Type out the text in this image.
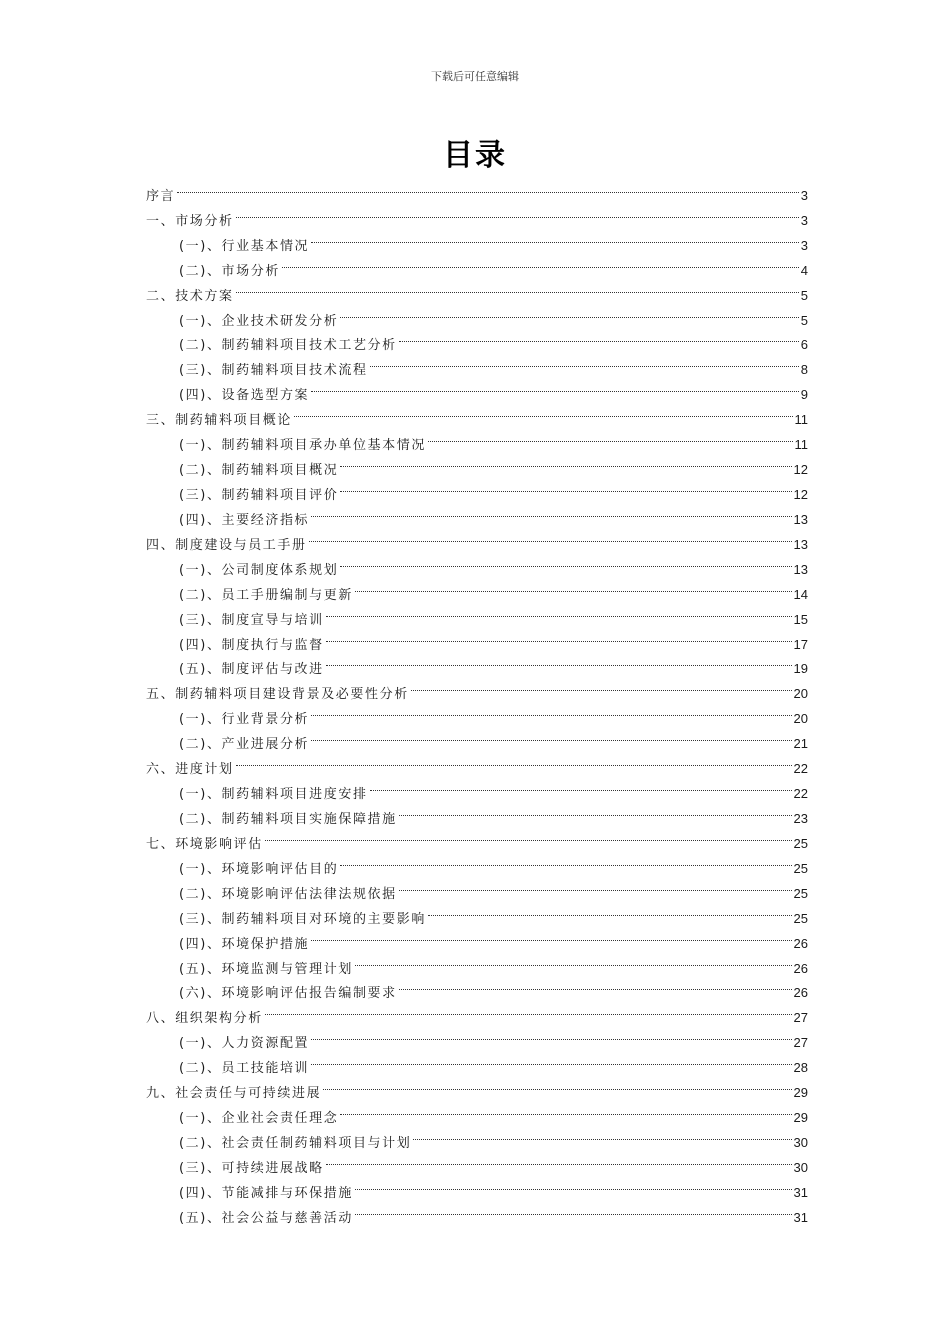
下载后可任意编辑
目录
序言	3
一、市场分析	3
(一)、行业基本情况	3
(二)、市场分析	4
二、技术方案	5
(一)、企业技术研发分析	5
(二)、制药辅料项目技术工艺分析	6
(三)、制药辅料项目技术流程	8
(四)、设备选型方案	9
三、制药辅料项目概论	11
(一)、制药辅料项目承办单位基本情况	11
(二)、制药辅料项目概况	12
(三)、制药辅料项目评价	12
(四)、主要经济指标	13
四、制度建设与员工手册	13
(一)、公司制度体系规划	13
(二)、员工手册编制与更新	14
(三)、制度宣导与培训	15
(四)、制度执行与监督	17
(五)、制度评估与改进	19
五、制药辅料项目建设背景及必要性分析	20
(一)、行业背景分析	20
(二)、产业进展分析	21
六、进度计划	22
(一)、制药辅料项目进度安排	22
(二)、制药辅料项目实施保障措施	23
七、环境影响评估	25
(一)、环境影响评估目的	25
(二)、环境影响评估法律法规依据	25
(三)、制药辅料项目对环境的主要影响	25
(四)、环境保护措施	26
(五)、环境监测与管理计划	26
(六)、环境影响评估报告编制要求	26
八、组织架构分析	27
(一)、人力资源配置	27
(二)、员工技能培训	28
九、社会责任与可持续进展	29
(一)、企业社会责任理念	29
(二)、社会责任制药辅料项目与计划	30
(三)、可持续进展战略	30
(四)、节能减排与环保措施	31
(五)、社会公益与慈善活动	31
